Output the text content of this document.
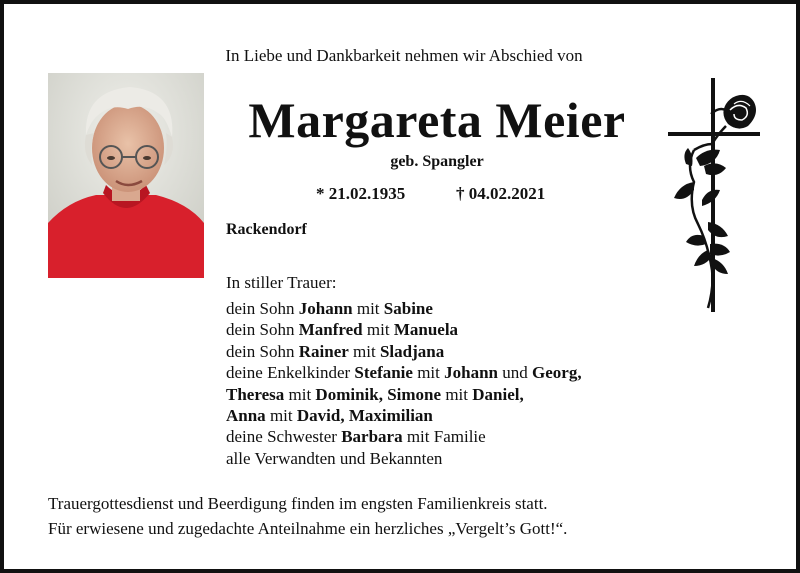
In Liebe und Dankbarkeit nehmen wir Abschied von
Margareta Meier
geb. Spangler
* 21.02.1935	† 04.02.2021
Rackendorf
In stiller Trauer:
dein Sohn Johann mit Sabine
dein Sohn Manfred mit Manuela
dein Sohn Rainer mit Sladjana
deine Enkelkinder Stefanie mit Johann und Georg,
Theresa mit Dominik, Simone mit Daniel,
Anna mit David, Maximilian
deine Schwester Barbara mit Familie
alle Verwandten und Bekannten
Trauergottesdienst und Beerdigung finden im engsten Familienkreis statt.
Für erwiesene und zugedachte Anteilnahme ein herzliches „Vergelt’s Gott!“.
